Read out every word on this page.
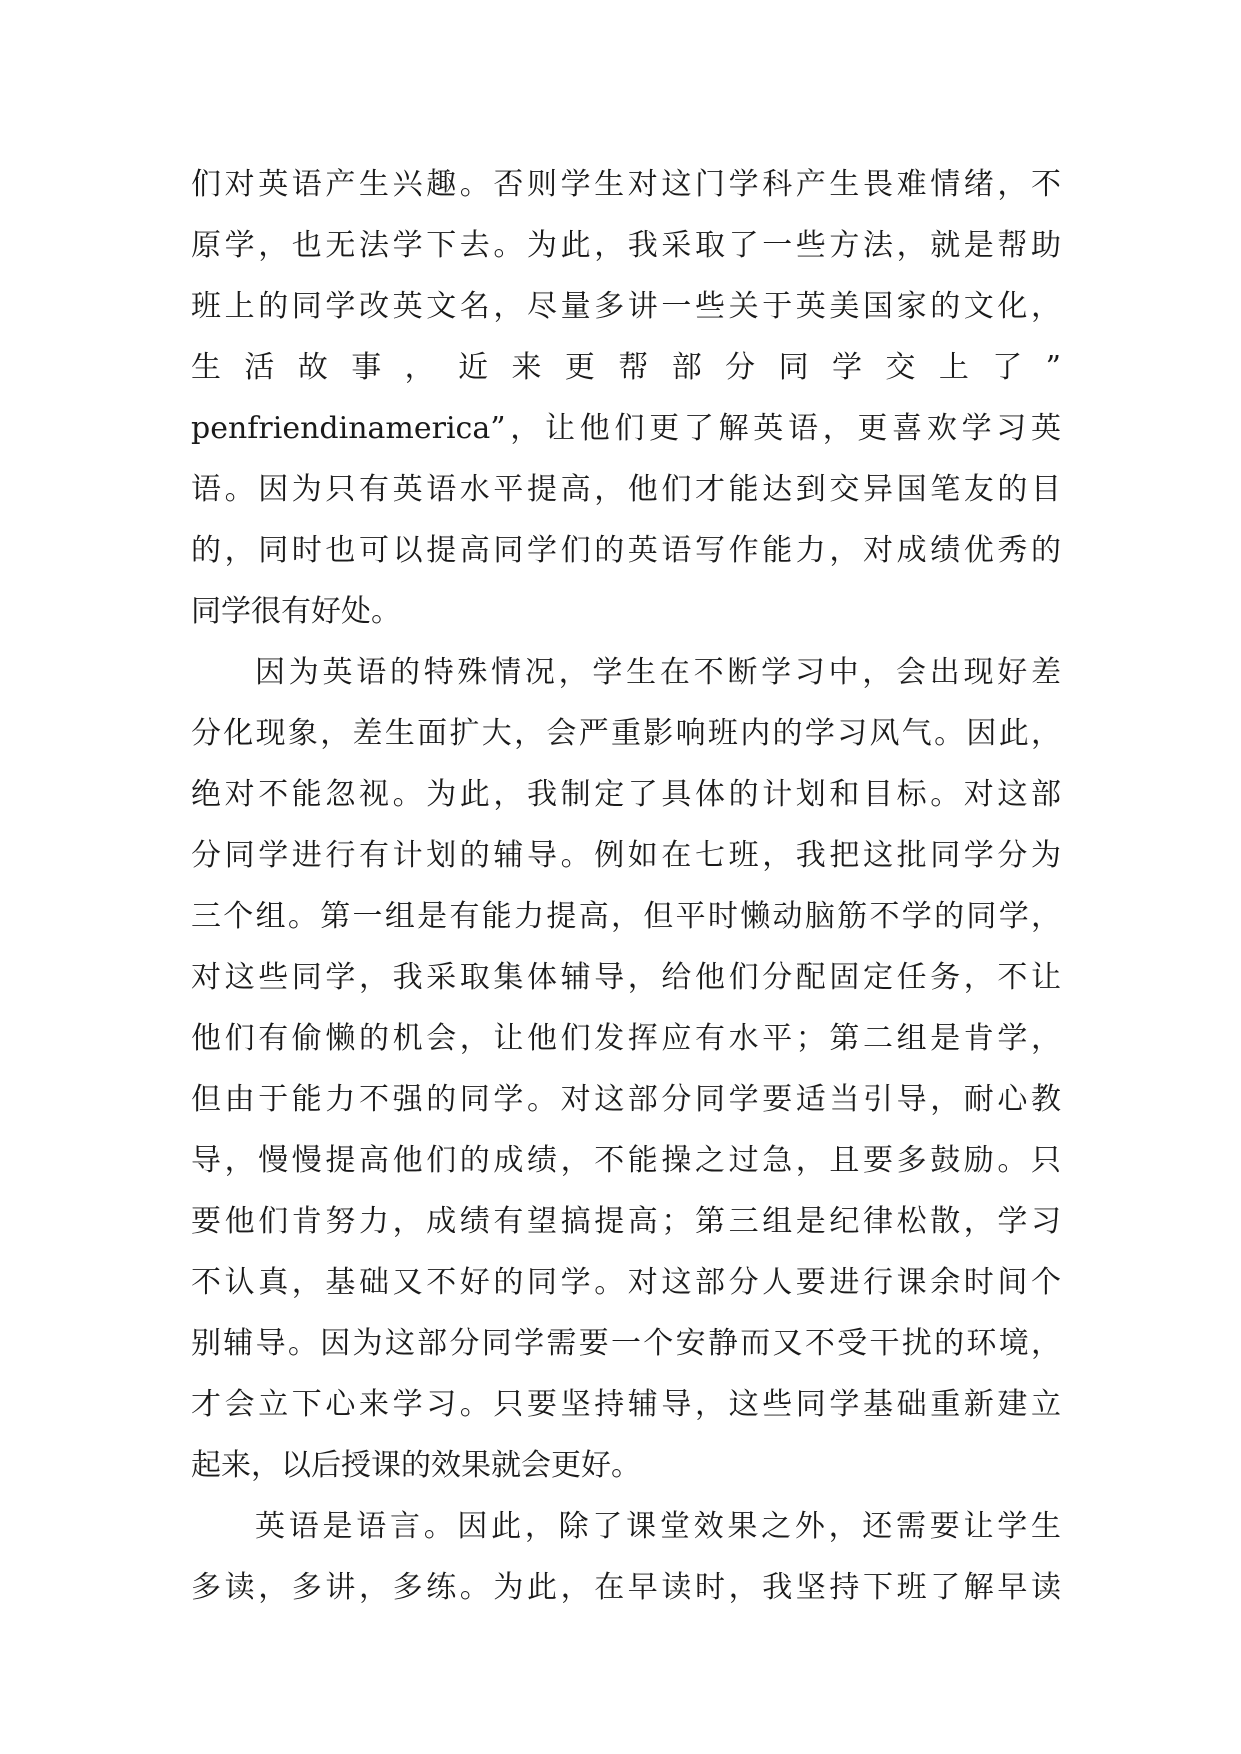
们对英语产生兴趣。否则学生对这门学科产生畏难情绪，不
原学，也无法学下去。为此，我采取了一些方法，就是帮助
班上的同学改英文名，尽量多讲一些关于英美国家的文化，
生 活 故 事 ， 近 来 更 帮 部 分 同 学 交 上 了 ”
penfriendinamerica”，让他们更了解英语，更喜欢学习英
语。因为只有英语水平提高，他们才能达到交异国笔友的目
的，同时也可以提高同学们的英语写作能力，对成绩优秀的
同学很有好处。
因为英语的特殊情况，学生在不断学习中，会出现好差
分化现象，差生面扩大，会严重影响班内的学习风气。因此，
绝对不能忽视。为此，我制定了具体的计划和目标。对这部
分同学进行有计划的辅导。例如在七班，我把这批同学分为
三个组。第一组是有能力提高，但平时懒动脑筋不学的同学，
对这些同学，我采取集体辅导，给他们分配固定任务，不让
他们有偷懒的机会，让他们发挥应有水平；第二组是肯学，
但由于能力不强的同学。对这部分同学要适当引导，耐心教
导，慢慢提高他们的成绩，不能操之过急，且要多鼓励。只
要他们肯努力，成绩有望搞提高；第三组是纪律松散，学习
不认真，基础又不好的同学。对这部分人要进行课余时间个
别辅导。因为这部分同学需要一个安静而又不受干扰的环境，
才会立下心来学习。只要坚持辅导，这些同学基础重新建立
起来，以后授课的效果就会更好。
英语是语言。因此，除了课堂效果之外，还需要让学生
多读，多讲，多练。为此，在早读时，我坚持下班了解早读
